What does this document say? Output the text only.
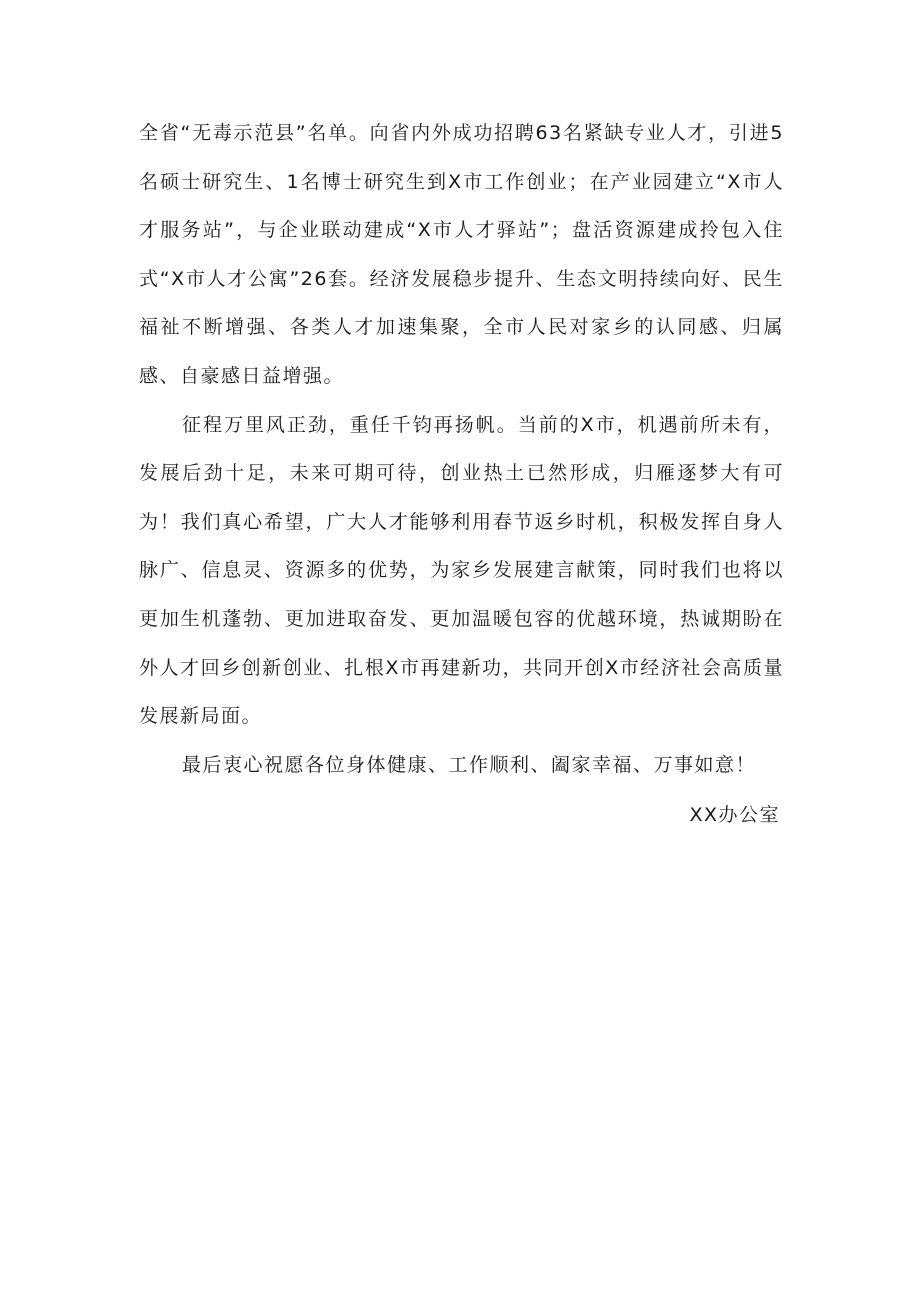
全省“无毒示范县”名单。向省内外成功招聘63名紧缺专业人才，引进5名硕士研究生、1名博士研究生到X市工作创业；在产业园建立“X市人才服务站”，与企业联动建成“X市人才驿站”；盘活资源建成拎包入住式“X市人才公寓”26套。经济发展稳步提升、生态文明持续向好、民生福祉不断增强、各类人才加速集聚，全市人民对家乡的认同感、归属感、自豪感日益增强。

征程万里风正劲，重任千钧再扬帆。当前的X市，机遇前所未有，发展后劲十足，未来可期可待，创业热土已然形成，归雁逐梦大有可为！我们真心希望，广大人才能够利用春节返乡时机，积极发挥自身人脉广、信息灵、资源多的优势，为家乡发展建言献策，同时我们也将以更加生机蓬勃、更加进取奋发、更加温暖包容的优越环境，热诚期盼在外人才回乡创新创业、扎根X市再建新功，共同开创X市经济社会高质量发展新局面。

最后衷心祝愿各位身体健康、工作顺利、阖家幸福、万事如意！

XX办公室
